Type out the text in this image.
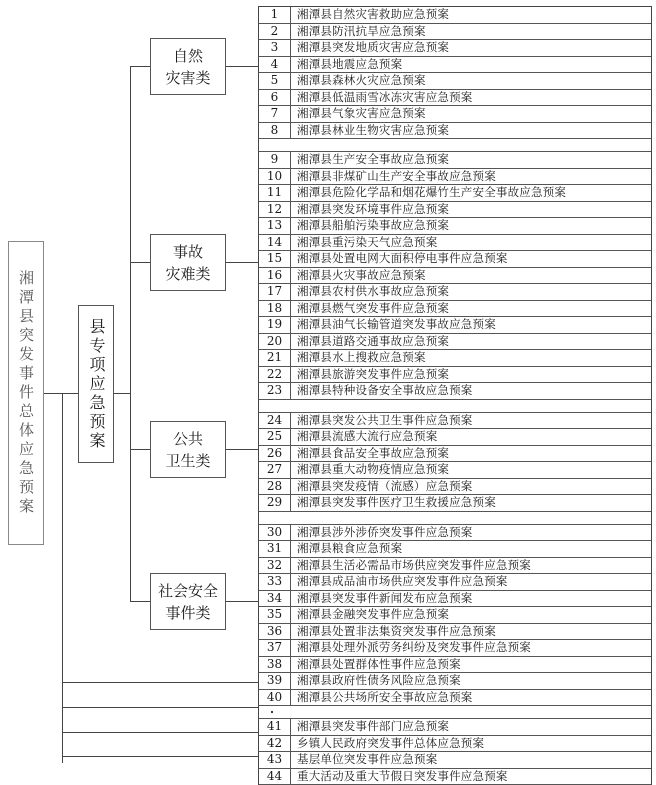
湘潭县突发事件总体应急预案	县专项应急预案
自然
灾害类
事故
灾难类
公共
卫生类
社会安全
事件类
1	湘潭县自然灾害救助应急预案
2	湘潭县防汛抗旱应急预案
3	湘潭县突发地质灾害应急预案
4	湘潭县地震应急预案
5	湘潭县森林火灾应急预案
6	湘潭县低温雨雪冰冻灾害应急预案
7	湘潭县气象灾害应急预案
8	湘潭县林业生物灾害应急预案
9	湘潭县生产安全事故应急预案
10	湘潭县非煤矿山生产安全事故应急预案
11	湘潭县危险化学品和烟花爆竹生产安全事故应急预案
12	湘潭县突发环境事件应急预案
13	湘潭县船舶污染事故应急预案
14	湘潭县重污染天气应急预案
15	湘潭县处置电网大面积停电事件应急预案
16	湘潭县火灾事故应急预案
17	湘潭县农村供水事故应急预案
18	湘潭县燃气突发事件应急预案
19	湘潭县油气长输管道突发事故应急预案
20	湘潭县道路交通事故应急预案
21	湘潭县水上搜救应急预案
22	湘潭县旅游突发事件应急预案
23	湘潭县特种设备安全事故应急预案
24	湘潭县突发公共卫生事件应急预案
25	湘潭县流感大流行应急预案
26	湘潭县食品安全事故应急预案
27	湘潭县重大动物疫情应急预案
28	湘潭县突发疫情（流感）应急预案
29	湘潭县突发事件医疗卫生救援应急预案
30	湘潭县涉外涉侨突发事件应急预案
31	湘潭县粮食应急预案
32	湘潭县生活必需品市场供应突发事件应急预案
33	湘潭县成品油市场供应突发事件应急预案
34	湘潭县突发事件新闻发布应急预案
35	湘潭县金融突发事件应急预案
36	湘潭县处置非法集资突发事件应急预案
37	湘潭县处理外派劳务纠纷及突发事件应急预案
38	湘潭县处置群体性事件应急预案
39	湘潭县政府性债务风险应急预案
40	湘潭县公共场所安全事故应急预案
41	湘潭县突发事件部门应急预案
42	乡镇人民政府突发事件总体应急预案
43	基层单位突发事件应急预案
44	重大活动及重大节假日突发事件应急预案
